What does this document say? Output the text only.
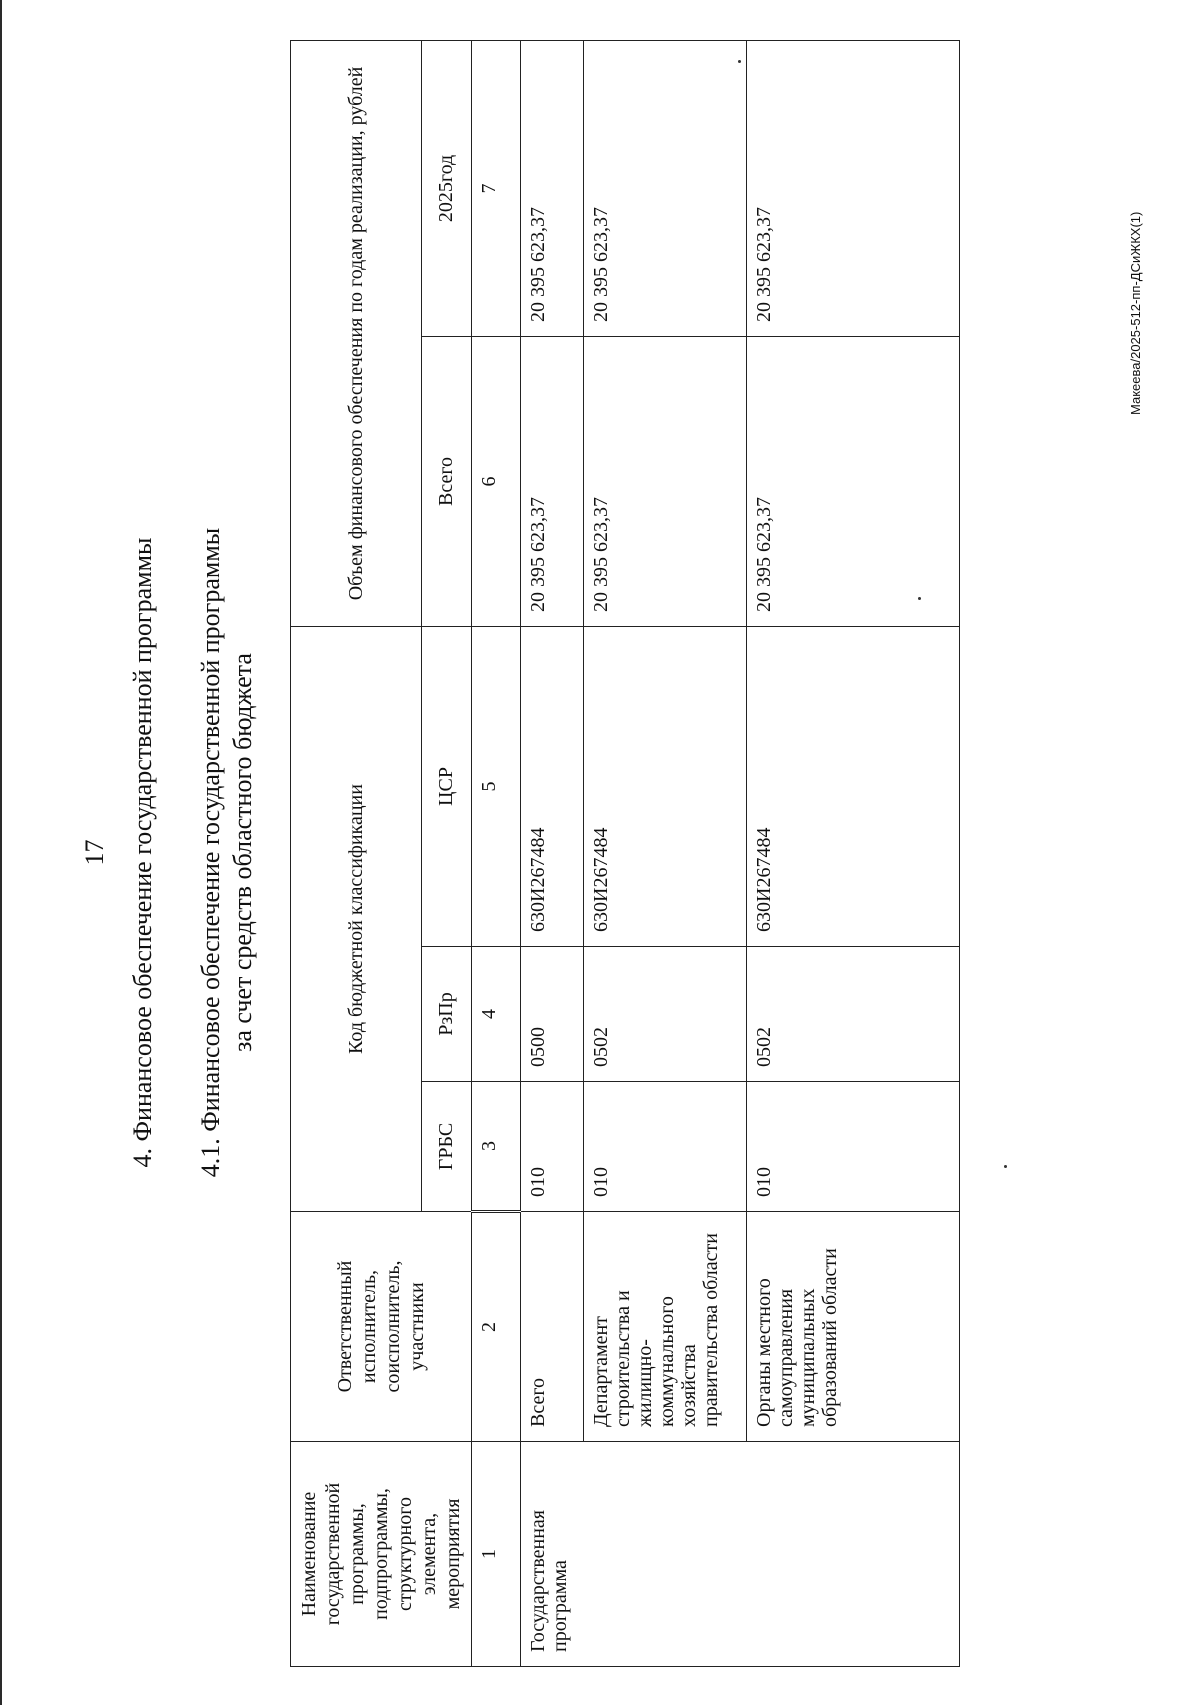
17 4. Финансовое обеспечение государственной программы 4.1. Финансовое обеспечение государственной программы за счет средств областного бюджета
Наименование государственной программы, подпрограммы, структурного элемента, мероприятия	Ответственный исполнитель, соисполнитель, участники	Код бюджетной классификации			Объем финансового обеспечения по годам реализации, рублей	
		ГРБС	РзПр	ЦСР	Всего	2025год
1	2	3	4	5	6	7
Государственная программа	Всего	010	0500	630И267484	20 395 623,37	20 395 623,37
	Департамент строительства и жилищно-коммунального хозяйства правительства области	010	0502	630И267484	20 395 623,37	20 395 623,37
	Органы местного самоуправления муниципальных образований области	010	0502	630И267484	20 395 623,37	20 395 623,37	Макеева/2025-512-пп-ДСиЖКХ(1)
